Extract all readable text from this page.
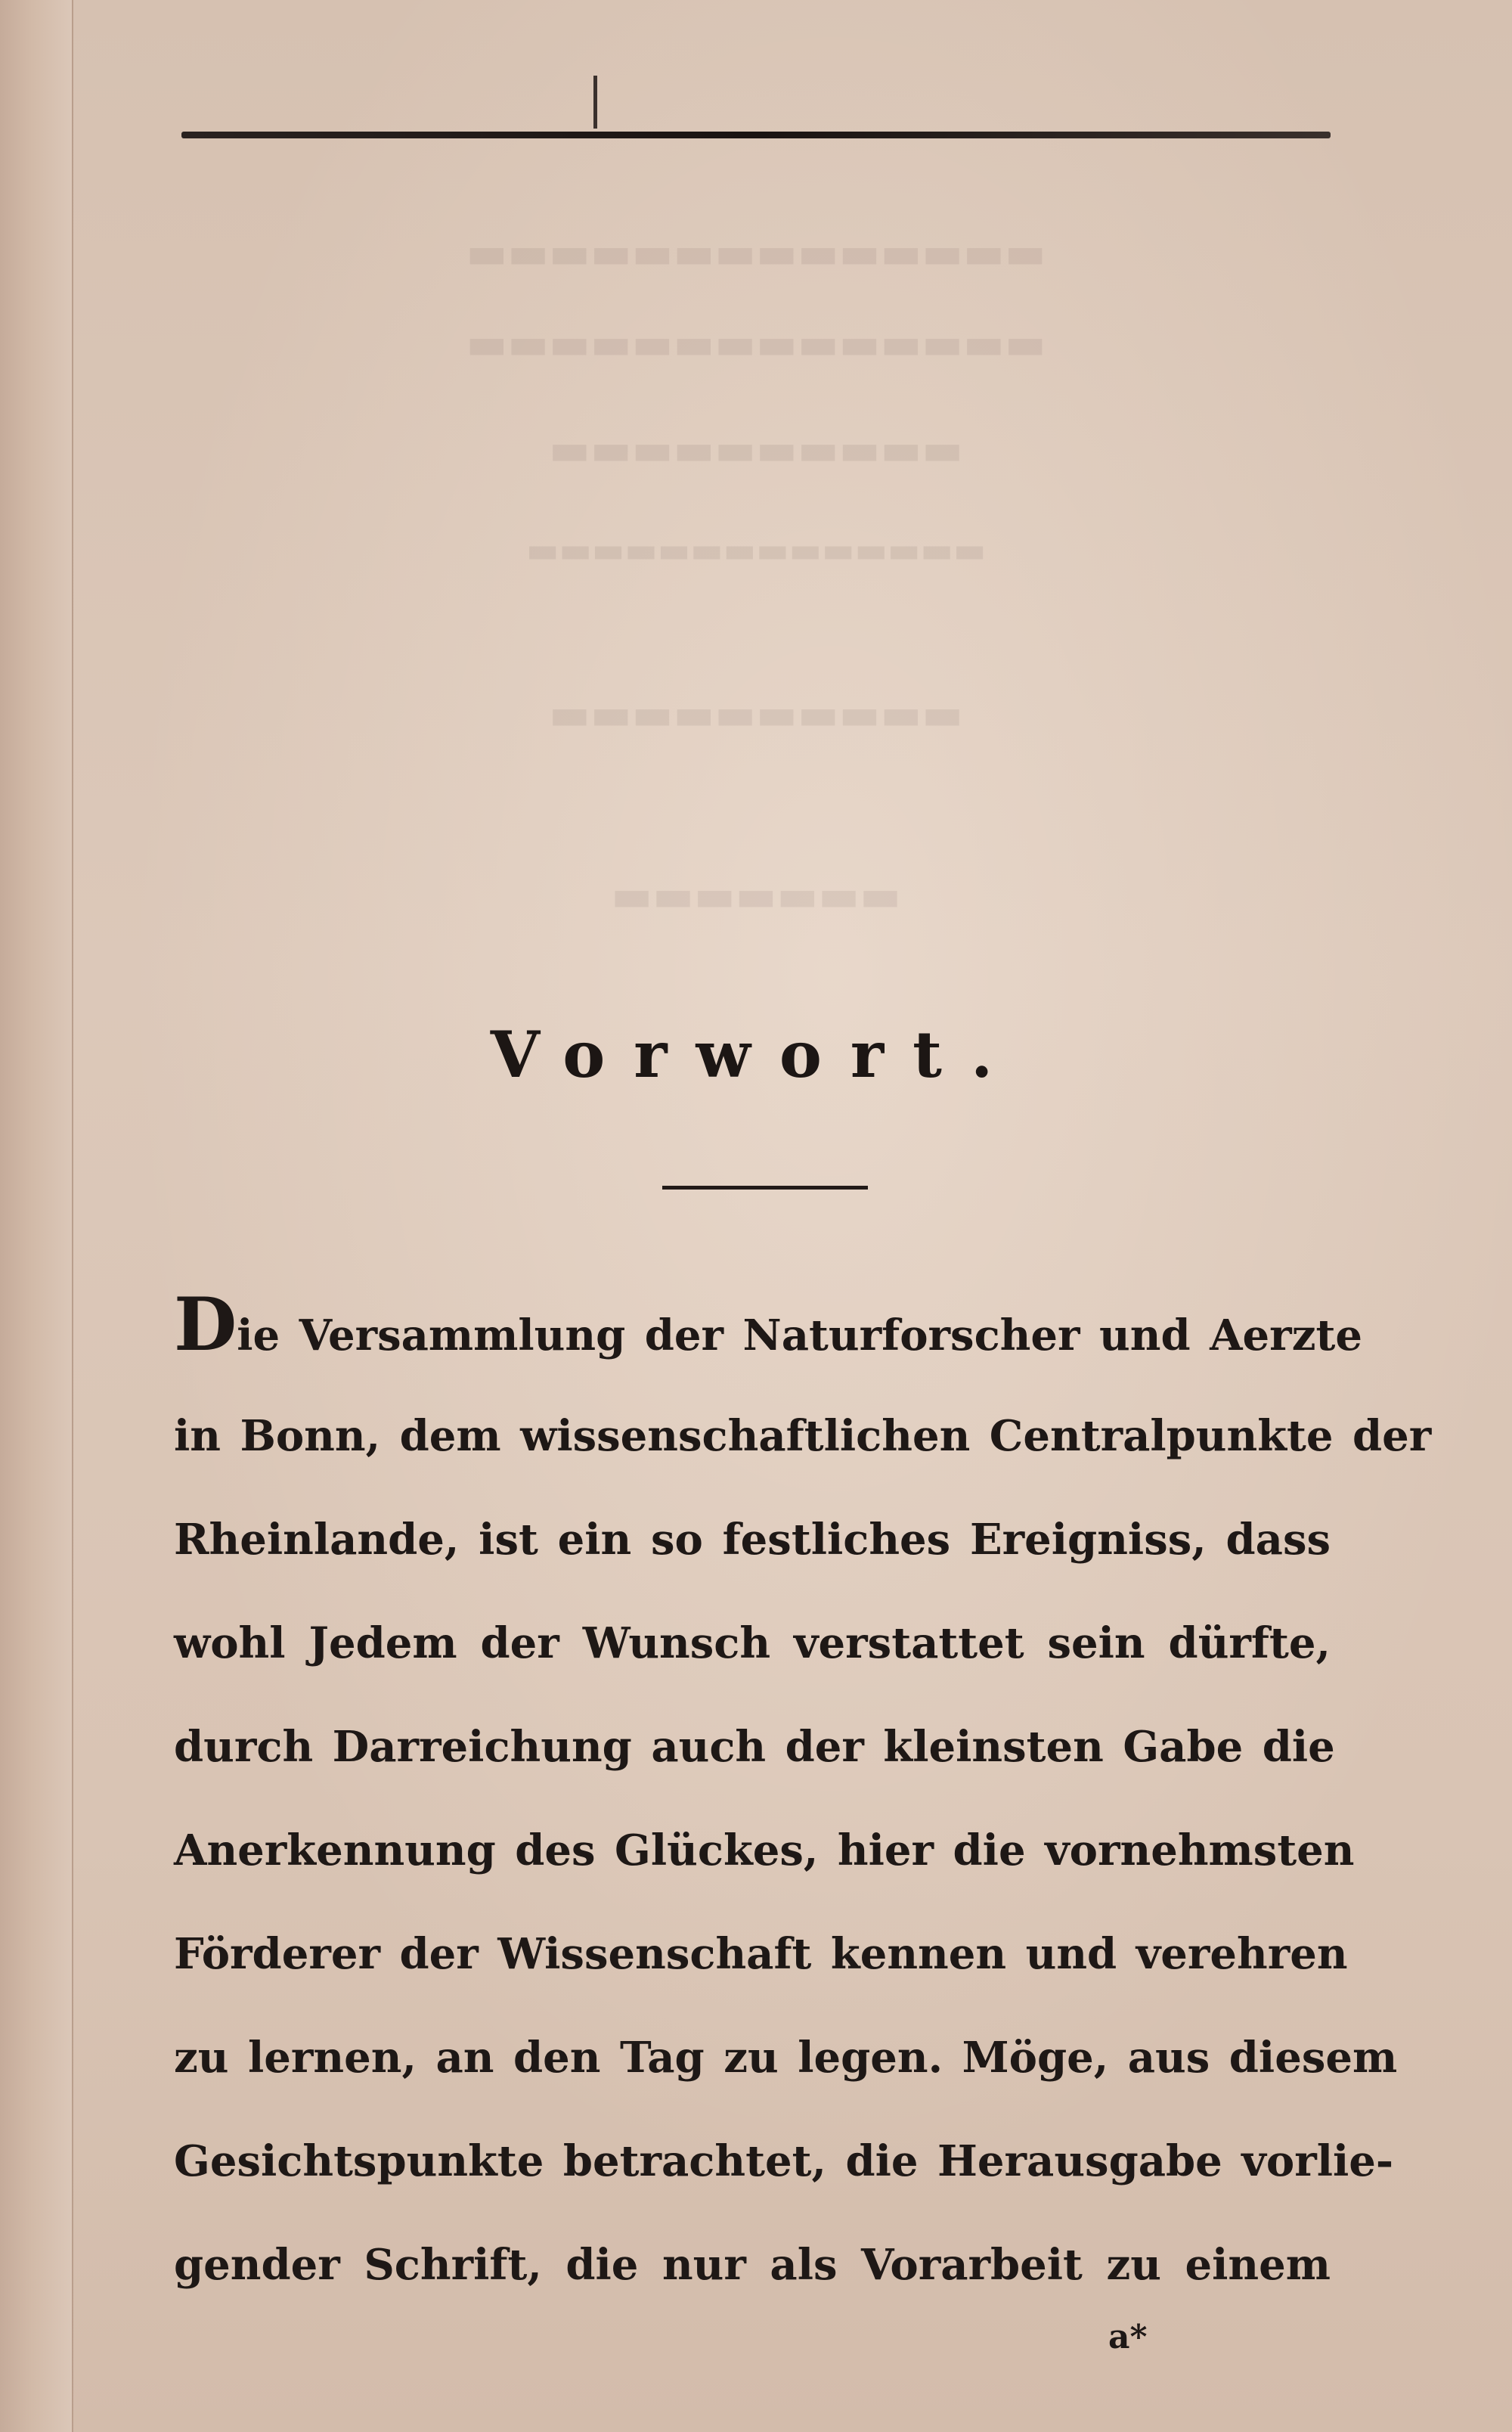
▬▬▬▬▬▬▬▬▬▬▬▬▬▬
▬▬▬▬▬▬▬▬▬▬▬▬▬▬
▬▬▬▬▬▬▬▬▬▬
▬▬▬▬▬▬▬▬▬▬▬▬▬▬
▬▬▬▬▬▬▬▬▬▬
▬▬▬▬▬▬▬
Vorwort.
Die Versammlung der Naturforscher und Aerzte
in Bonn, dem wissenschaftlichen Centralpunkte der
Rheinlande, ist ein so festliches Ereigniss, dass
wohl Jedem der Wunsch verstattet sein dürfte,
durch Darreichung auch der kleinsten Gabe die
Anerkennung des Glückes, hier die vornehmsten
Förderer der Wissenschaft kennen und verehren
zu lernen, an den Tag zu legen. Möge, aus diesem
Gesichtspunkte betrachtet, die Herausgabe vorlie-
gender Schrift, die nur als Vorarbeit zu einem
a*
